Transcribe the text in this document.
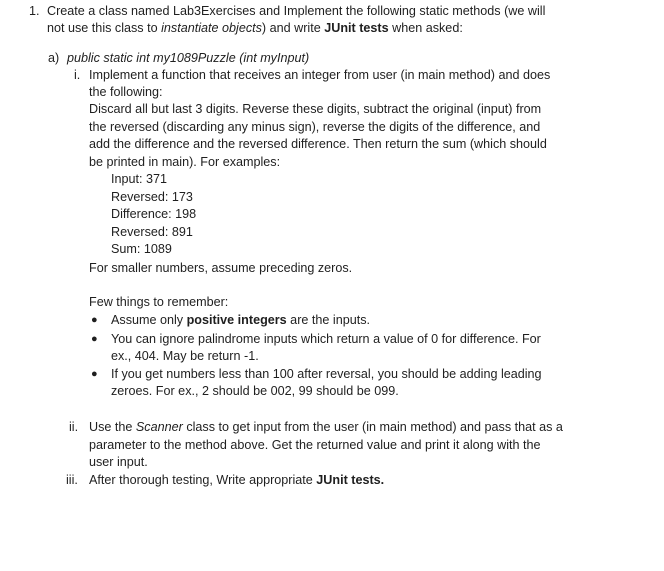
1. Create a class named Lab3Exercises and Implement the following static methods (we will
not use this class to instantiate objects) and write JUnit tests when asked:
a) public static int my1089Puzzle (int myInput)
i. Implement a function that receives an integer from user (in main method) and does
the following:
Discard all but last 3 digits. Reverse these digits, subtract the original (input) from
the reversed (discarding any minus sign), reverse the digits of the difference, and
add the difference and the reversed difference. Then return the sum (which should
be printed in main). For examples:
Input: 371
Reversed: 173
Difference: 198
Reversed: 891
Sum: 1089
For smaller numbers, assume preceding zeros.
Few things to remember:
● Assume only positive integers are the inputs.
● You can ignore palindrome inputs which return a value of 0 for difference. For
ex., 404. May be return -1.
● If you get numbers less than 100 after reversal, you should be adding leading
zeroes. For ex., 2 should be 002, 99 should be 099.
ii. Use the Scanner class to get input from the user (in main method) and pass that as a
parameter to the method above. Get the returned value and print it along with the
user input.
iii. After thorough testing, Write appropriate JUnit tests.
